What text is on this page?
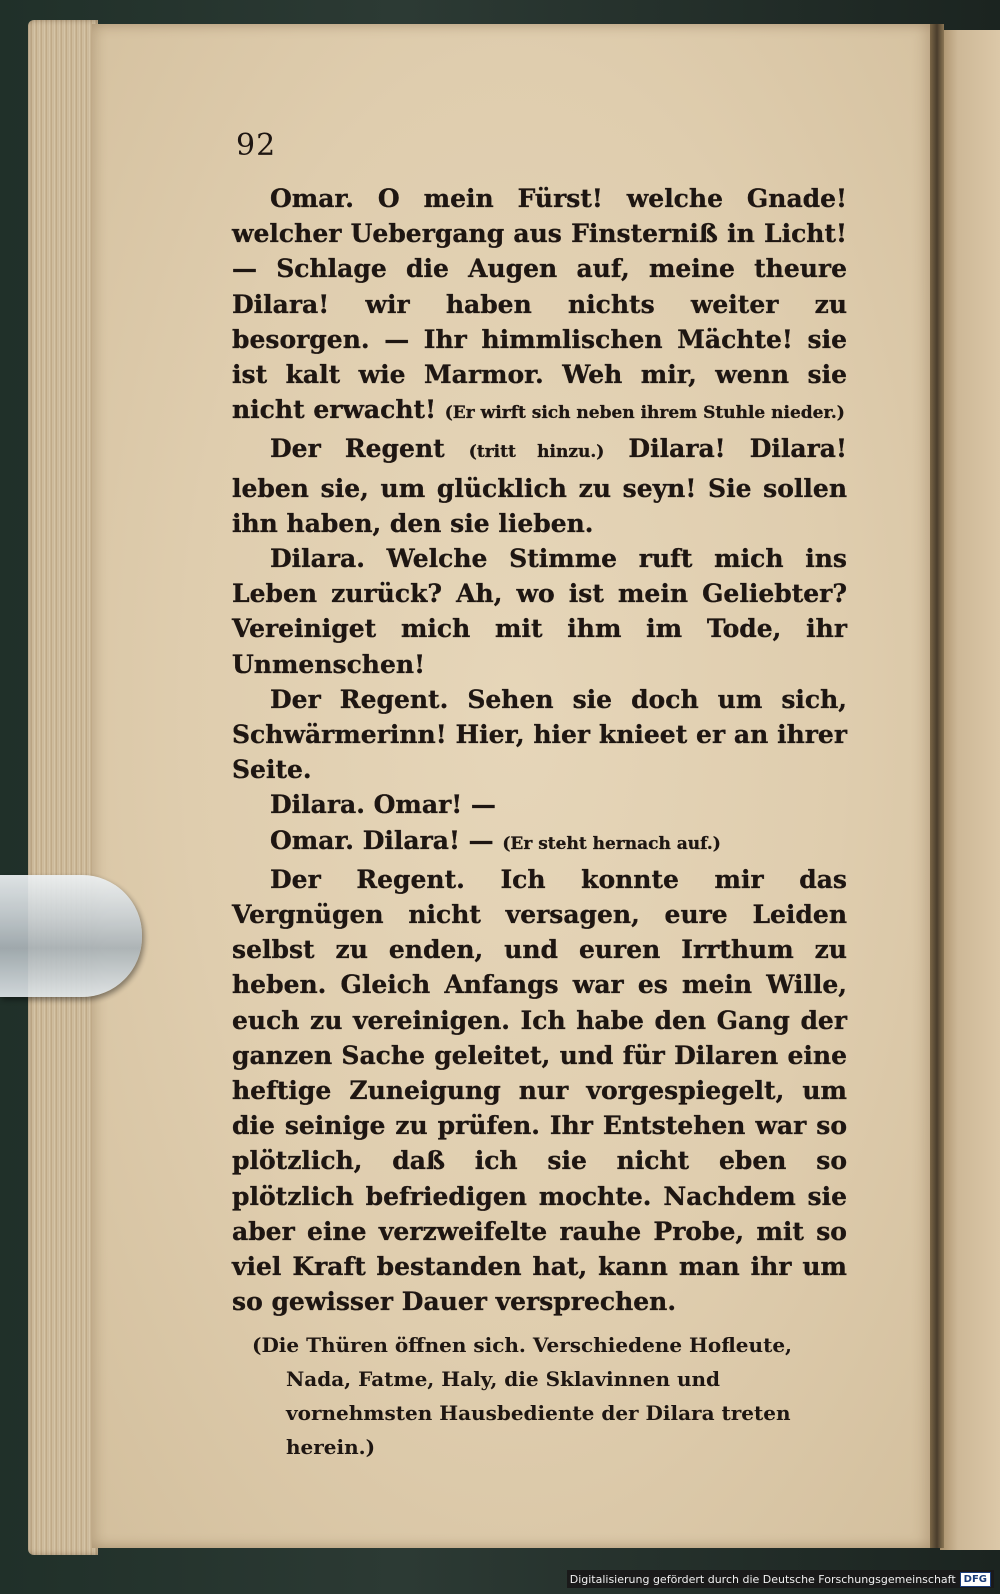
92

Omar. O mein Fürst! welche Gnade! welcher Uebergang aus Finsterniß in Licht! — Schlage die Augen auf, meine theure Dilara! wir haben nichts weiter zu besorgen. — Ihr himmlischen Mächte! sie ist kalt wie Marmor. Weh mir, wenn sie nicht erwacht! (Er wirft sich neben ihrem Stuhle nieder.)

Der Regent (tritt hinzu.) Dilara! Dilara! leben sie, um glücklich zu seyn! Sie sollen ihn haben, den sie lieben.

Dilara. Welche Stimme ruft mich ins Leben zurück? Ah, wo ist mein Geliebter? Vereiniget mich mit ihm im Tode, ihr Unmenschen!

Der Regent. Sehen sie doch um sich, Schwärmerinn! Hier, hier knieet er an ihrer Seite.

Dilara. Omar! —

Omar. Dilara! — (Er steht hernach auf.)

Der Regent. Ich konnte mir das Vergnügen nicht versagen, eure Leiden selbst zu enden, und euren Irrthum zu heben. Gleich Anfangs war es mein Wille, euch zu vereinigen. Ich habe den Gang der ganzen Sache geleitet, und für Dilaren eine heftige Zuneigung nur vorgespiegelt, um die seinige zu prüfen. Ihr Entstehen war so plötzlich, daß ich sie nicht eben so plötzlich befriedigen mochte. Nachdem sie aber eine verzweifelte rauhe Probe, mit so viel Kraft bestanden hat, kann man ihr um so gewisser Dauer versprechen.

(Die Thüren öffnen sich. Verschiedene Hofleute, Nada, Fatme, Haly, die Sklavinnen und vornehmsten Hausbediente der Dilara treten herein.)

Digitalisierung gefördert durch die Deutsche Forschungsgemeinschaft DFG
